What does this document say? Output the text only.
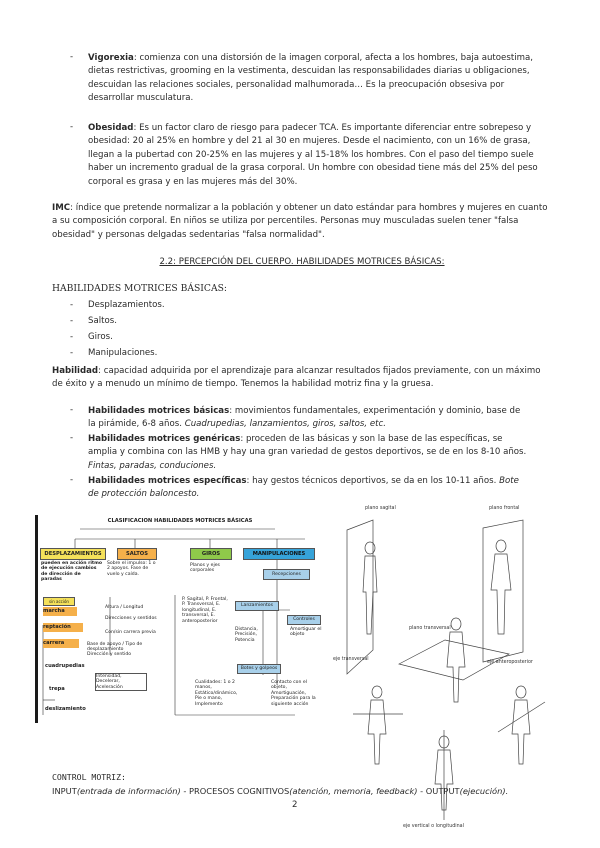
- Vigorexia: comienza con una distorsión de la imagen corporal, afecta a los hombres, baja autoestima, dietas restrictivas, grooming en la vestimenta, descuidan las responsabilidades diarias u obligaciones, descuidan las relaciones sociales, personalidad malhumorada… Es la preocupación obsesiva por desarrollar musculatura.
- Obesidad: Es un factor claro de riesgo para padecer TCA. Es importante diferenciar entre sobrepeso y obesidad: 20 al 25% en hombre y del 21 al 30 en mujeres. Desde el nacimiento, con un 16% de grasa, llegan a la pubertad con 20-25% en las mujeres y al 15-18% los hombres. Con el paso del tiempo suele haber un incremento gradual de la grasa corporal. Un hombre con obesidad tiene más del 25% del peso corporal es grasa y en las mujeres más del 30%.
IMC: índice que pretende normalizar a la población y obtener un dato estándar para hombres y mujeres en cuanto a su composición corporal. En niños se utiliza por percentiles. Personas muy musculadas suelen tener "falsa obesidad" y personas delgadas sedentarias "falsa normalidad".
2.2: PERCEPCIÓN DEL CUERPO. HABILIDADES MOTRICES BÁSICAS:
HABILIDADES MOTRICES BÁSICAS:
- Desplazamientos.
- Saltos.
- Giros.
- Manipulaciones.
Habilidad: capacidad adquirida por el aprendizaje para alcanzar resultados fijados previamente, con un máximo de éxito y a menudo un mínimo de tiempo. Tenemos la habilidad motriz fina y la gruesa.
- Habilidades motrices básicas: movimientos fundamentales, experimentación y dominio, base de la pirámide, 6-8 años. Cuadrupedias, lanzamientos, giros, saltos, etc.
- Habilidades motrices genéricas: proceden de las básicas y son la base de las específicas, se amplia y combina con las HMB y hay una gran variedad de gestos deportivos, se de en los 8-10 años. Fintas, paradas, conduciones.
- Habilidades motrices específicas: hay gestos técnicos deportivos, se da en los 10-11 años. Bote de protección baloncesto.
CLASIFICACION HABILIDADES MOTRICES BÁSICAS
DESPLAZAMIENTOS	SALTOS	GIROS	MANIPULACIONES
Recepciones
Lanzamientos
Controles
Botes y golpeos
pueden en acción ritmo de ejecución cambios de dirección de paradas
sin acción
marcha
reptación
carrera
cuadrupedias
trepa
deslizamiento
Sobre el impulso: 1 o 2 apoyos. Fase de vuelo y caída.
Planos y ejes corporales
P. Sagital, P. Frontal, P. Transversal, E. longitudinal, E. transversal, E. anteroposterior
Altura / Longitud
Direcciones y sentidos
Con/sin carrera previa
Base de apoyo / Tipo de desplazamiento
Dirección y sentido
Cualidades: 1 o 2 manos, Estático/dinámico, Pie o mano, Implemento
Intensidad, Decelerar, Aceleración
Amortiguar el objeto
Distancia, Precisión, Potencia
Contacto con el objeto, Amortiguación, Preparación para la siguiente acción
plano sagital	plano frontal
plano transversal
eje transversal
eje anteroposterior
eje vertical o longitudinal
CONTROL MOTRIZ:
INPUT(entrada de información) - PROCESOS COGNITIVOS(atención, memoria, feedback) - OUTPUT(ejecución).
2
